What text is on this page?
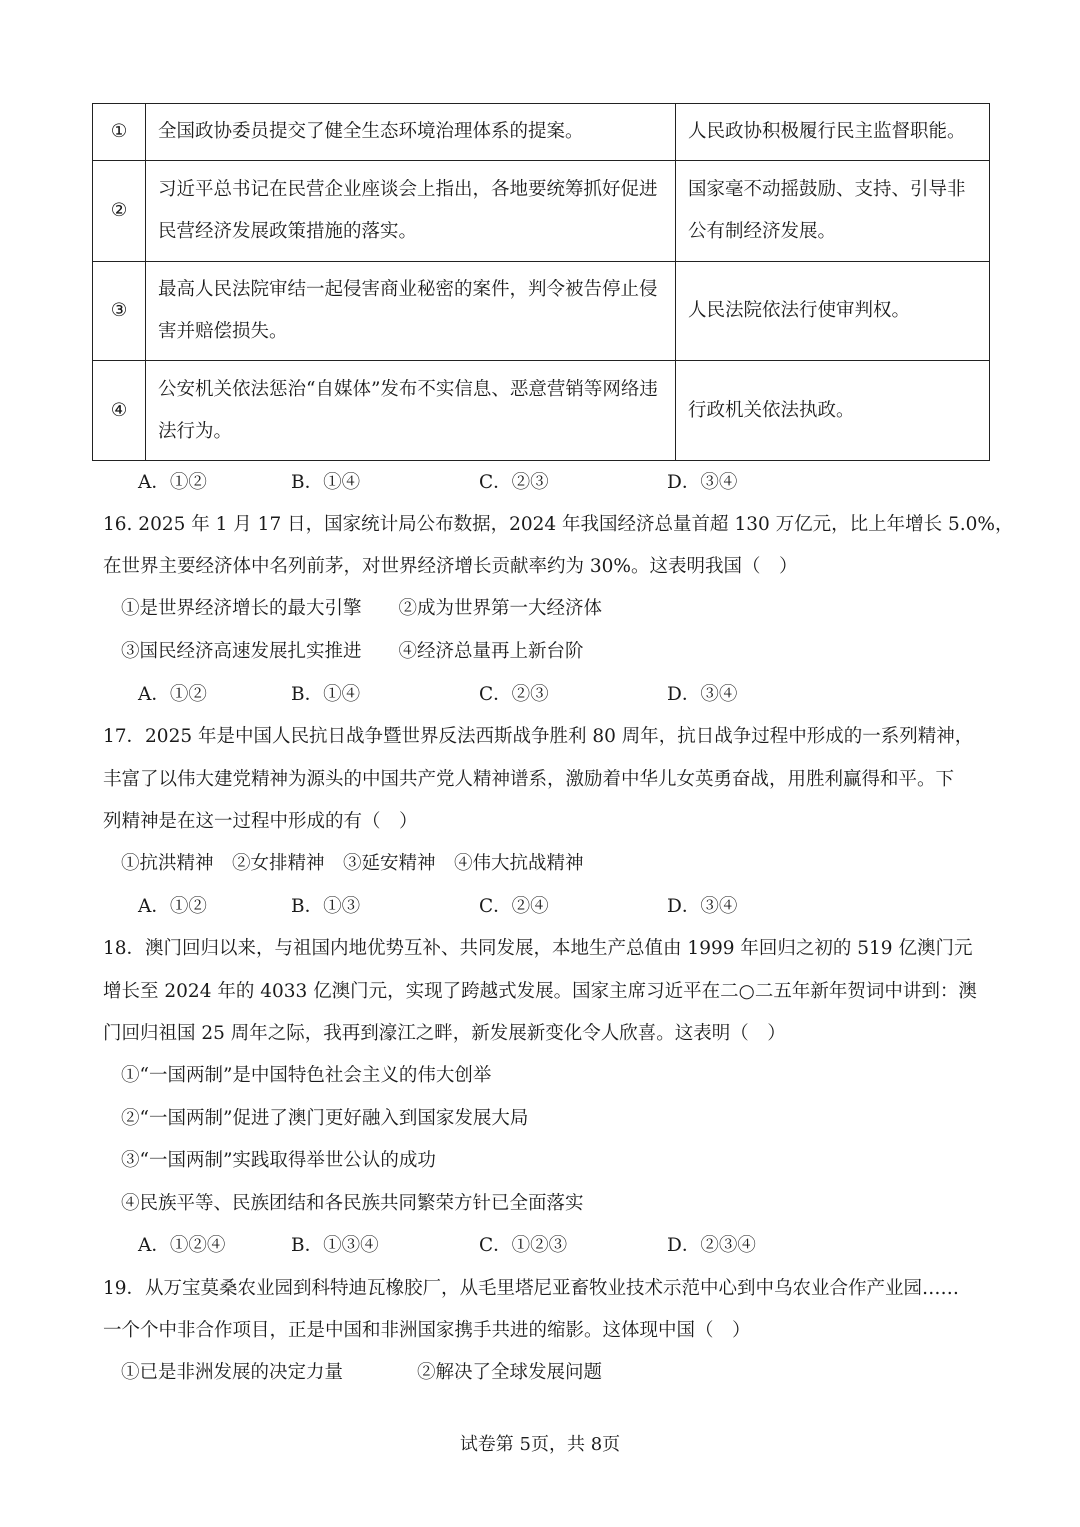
①	全国政协委员提交了健全生态环境治理体系的提案。	人民政协积极履行民主监督职能。
②	习近平总书记在民营企业座谈会上指出，各地要统筹抓好促进民营经济发展政策措施的落实。	国家毫不动摇鼓励、支持、引导非公有制经济发展。
③	最高人民法院审结一起侵害商业秘密的案件，判令被告停止侵害并赔偿损失。	人民法院依法行使审判权。
④	公安机关依法惩治“自媒体”发布不实信息、恶意营销等网络违法行为。	行政机关依法执政。
A．①②	B．①④	C．②③	D．③④
16. 2025 年 1 月 17 日，国家统计局公布数据，2024 年我国经济总量首超 130 万亿元，比上年增长 5.0%，
在世界主要经济体中名列前茅，对世界经济增长贡献率约为 30%。这表明我国（　）
①是世界经济增长的最大引擎　　②成为世界第一大经济体
③国民经济高速发展扎实推进　　④经济总量再上新台阶
A．①②	B．①④	C．②③	D．③④
17．2025 年是中国人民抗日战争暨世界反法西斯战争胜利 80 周年，抗日战争过程中形成的一系列精神，
丰富了以伟大建党精神为源头的中国共产党人精神谱系，激励着中华儿女英勇奋战，用胜利赢得和平。下
列精神是在这一过程中形成的有（　）
①抗洪精神　②女排精神　③延安精神　④伟大抗战精神
A．①②	B．①③	C．②④	D．③④
18．澳门回归以来，与祖国内地优势互补、共同发展，本地生产总值由 1999 年回归之初的 519 亿澳门元
增长至 2024 年的 4033 亿澳门元，实现了跨越式发展。国家主席习近平在二○二五年新年贺词中讲到：澳
门回归祖国 25 周年之际，我再到濠江之畔，新发展新变化令人欣喜。这表明（　）
①“一国两制”是中国特色社会主义的伟大创举
②“一国两制”促进了澳门更好融入到国家发展大局
③“一国两制”实践取得举世公认的成功
④民族平等、民族团结和各民族共同繁荣方针已全面落实
A．①②④	B．①③④	C．①②③	D．②③④
19．从万宝莫桑农业园到科特迪瓦橡胶厂，从毛里塔尼亚畜牧业技术示范中心到中乌农业合作产业园……
一个个中非合作项目，正是中国和非洲国家携手共进的缩影。这体现中国（　）
①已是非洲发展的决定力量　　　　②解决了全球发展问题
试卷第 5页，共 8页
